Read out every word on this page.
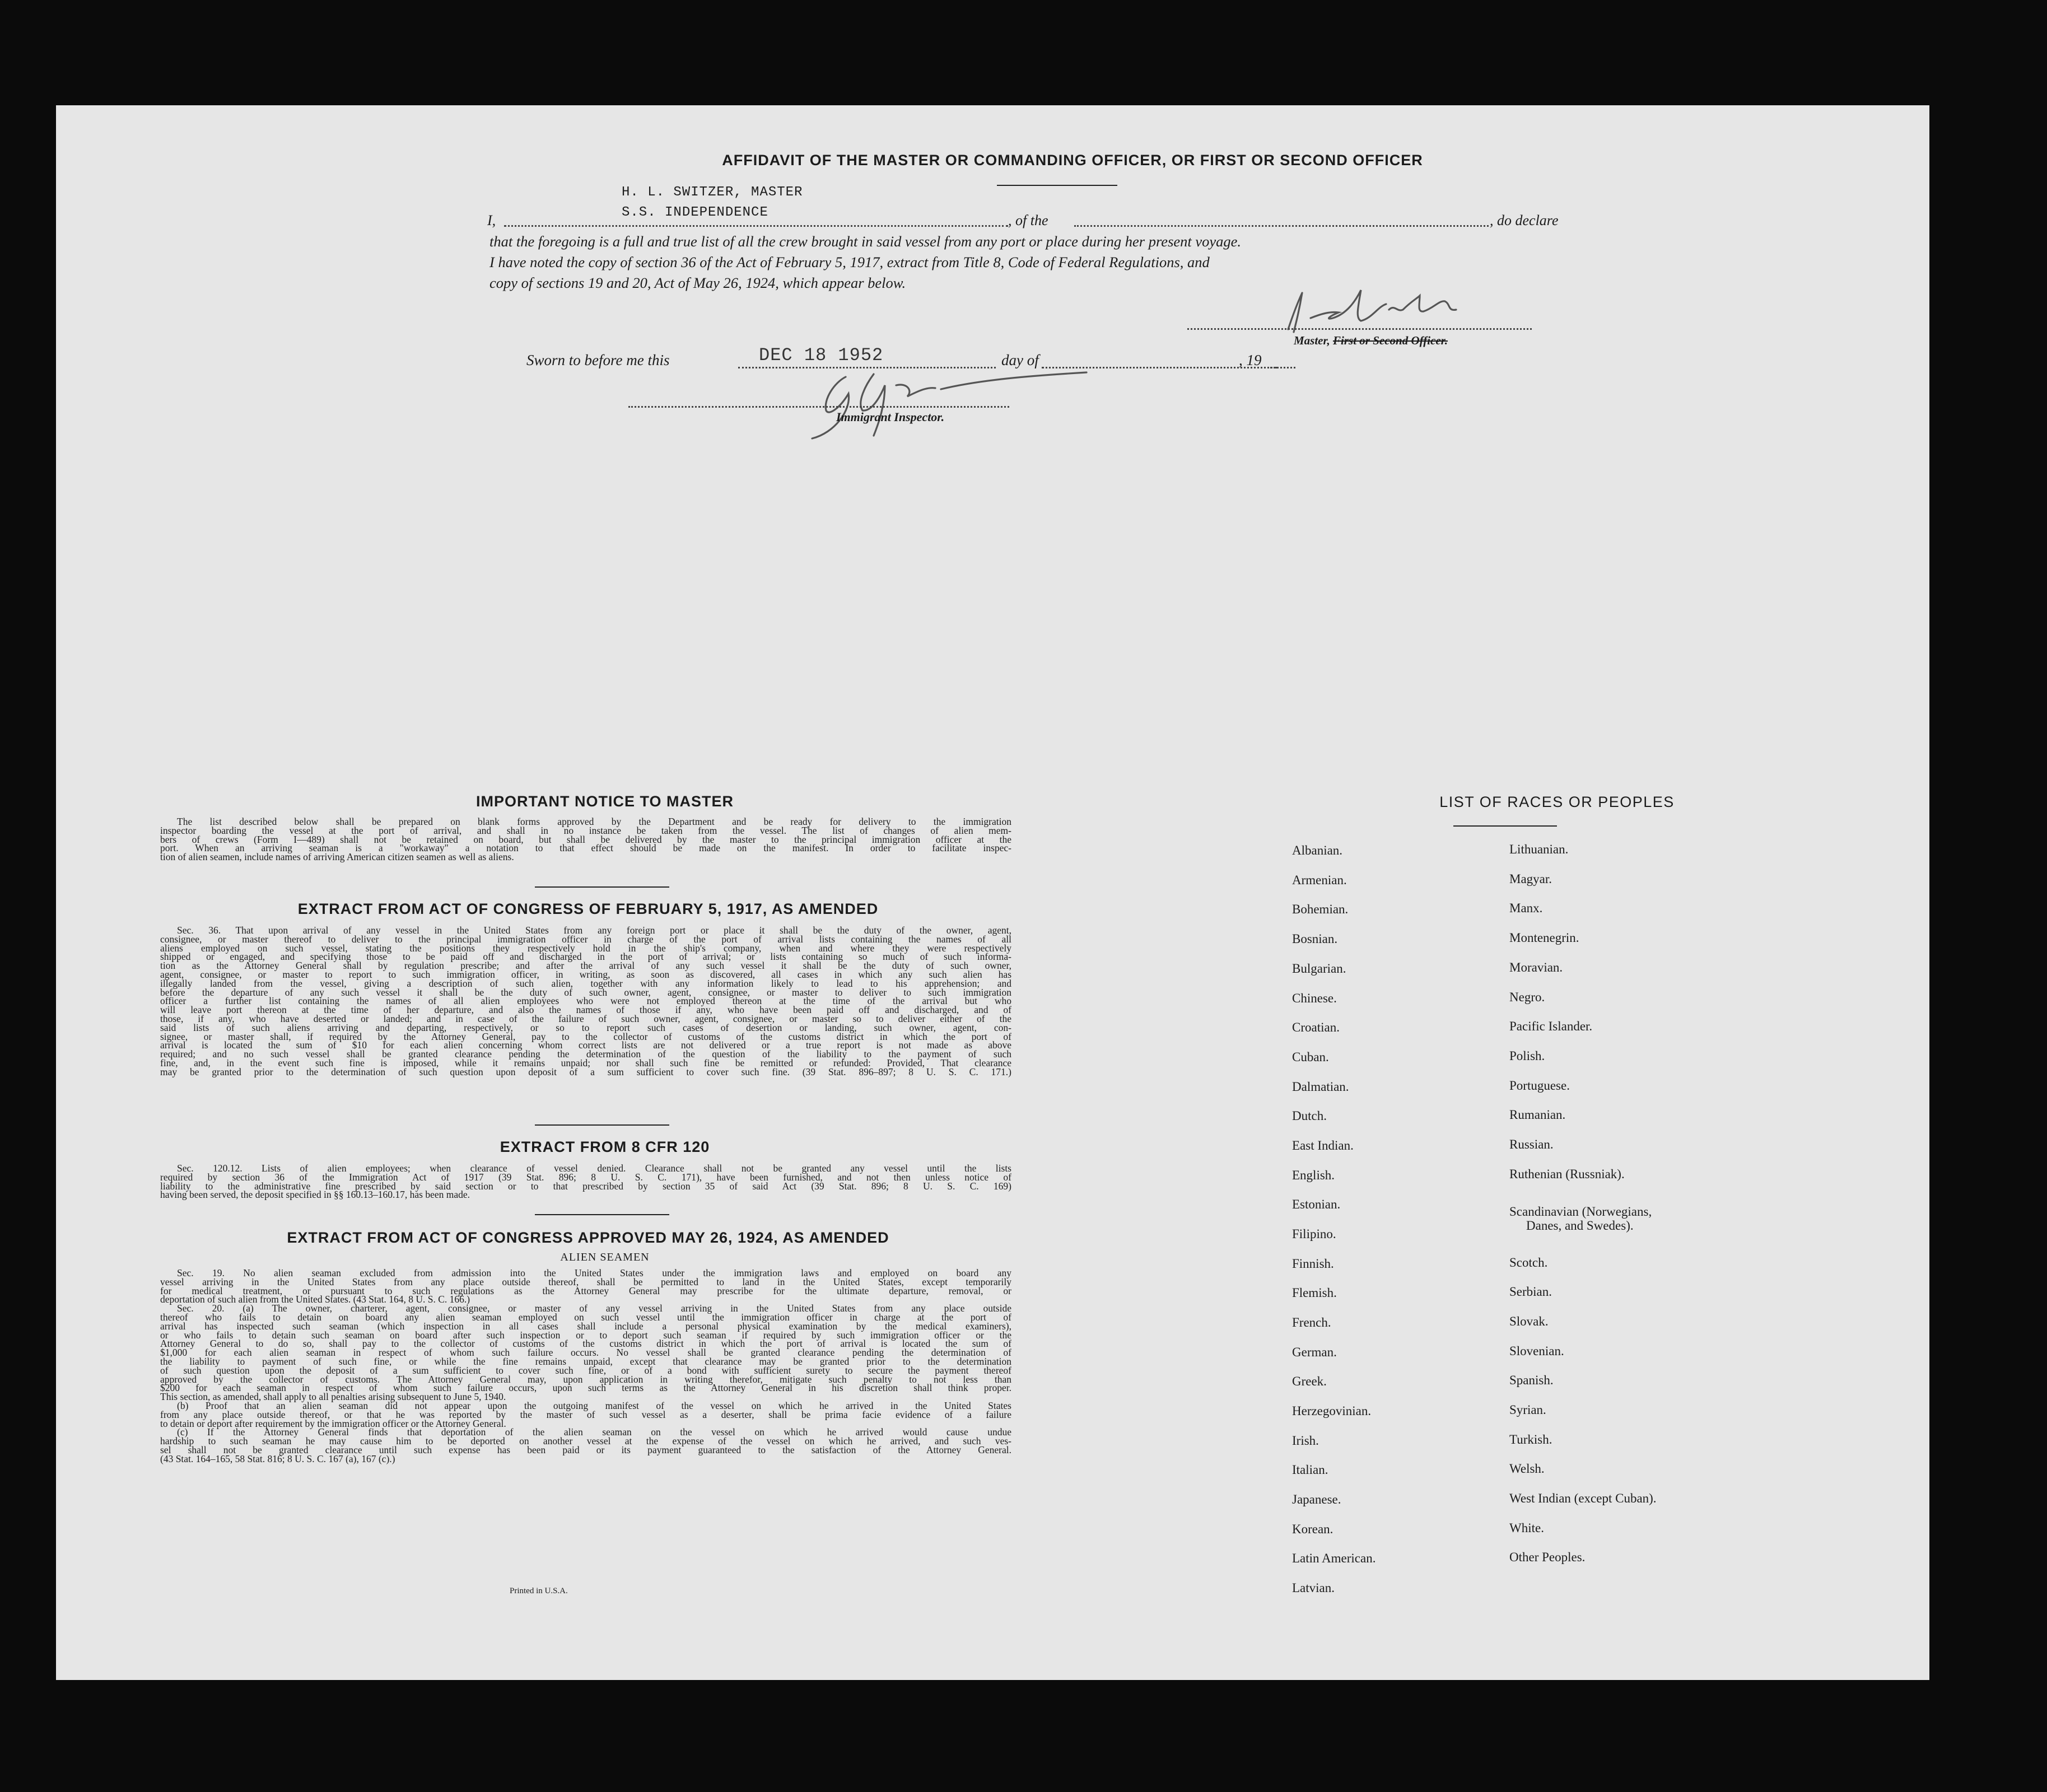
AFFIDAVIT OF THE MASTER OR COMMANDING OFFICER, OR FIRST OR SECOND OFFICER
H. L. SWITZER, MASTER
S.S. INDEPENDENCE
I,	, of the	, do declare
that the foregoing is a full and true list of all the crew brought in said vessel from any port or place during her present voyage.
I have noted the copy of section 36 of the Act of February 5, 1917, extract from Title 8, Code of Federal Regulations, and
copy of sections 19 and 20, Act of May 26, 1924, which appear below.
Master, First or Second Officer.
Sworn to before me this	DEC 18 1952	day of	, 19
Immigrant Inspector.
IMPORTANT NOTICE TO MASTER
The list described below shall be prepared on blank forms approved by the Department and be ready for delivery to the immigration
inspector boarding the vessel at the port of arrival, and shall in no instance be taken from the vessel. The list of changes of alien mem-
bers of crews (Form I—489) shall not be retained on board, but shall be delivered by the master to the principal immigration officer at the
port. When an arriving seaman is a "workaway" a notation to that effect should be made on the manifest. In order to facilitate inspec-
tion of alien seamen, include names of arriving American citizen seamen as well as aliens.
EXTRACT FROM ACT OF CONGRESS OF FEBRUARY 5, 1917, AS AMENDED
Sec. 36. That upon arrival of any vessel in the United States from any foreign port or place it shall be the duty of the owner, agent,
consignee, or master thereof to deliver to the principal immigration officer in charge of the port of arrival lists containing the names of all
aliens employed on such vessel, stating the positions they respectively hold in the ship's company, when and where they were respectively
shipped or engaged, and specifying those to be paid off and discharged in the port of arrival; or lists containing so much of such informa-
tion as the Attorney General shall by regulation prescribe; and after the arrival of any such vessel it shall be the duty of such owner,
agent, consignee, or master to report to such immigration officer, in writing, as soon as discovered, all cases in which any such alien has
illegally landed from the vessel, giving a description of such alien, together with any information likely to lead to his apprehension; and
before the departure of any such vessel it shall be the duty of such owner, agent, consignee, or master to deliver to such immigration
officer a further list containing the names of all alien employees who were not employed thereon at the time of the arrival but who
will leave port thereon at the time of her departure, and also the names of those if any, who have been paid off and discharged, and of
those, if any, who have deserted or landed; and in case of the failure of such owner, agent, consignee, or master so to deliver either of the
said lists of such aliens arriving and departing, respectively, or so to report such cases of desertion or landing, such owner, agent, con-
signee, or master shall, if required by the Attorney General, pay to the collector of customs of the customs district in which the port of
arrival is located the sum of $10 for each alien concerning whom correct lists are not delivered or a true report is not made as above
required; and no such vessel shall be granted clearance pending the determination of the question of the liability to the payment of such
fine, and, in the event such fine is imposed, while it remains unpaid; nor shall such fine be remitted or refunded: Provided, That clearance
may be granted prior to the determination of such question upon deposit of a sum sufficient to cover such fine. (39 Stat. 896–897; 8 U. S. C. 171.)
EXTRACT FROM 8 CFR 120
Sec. 120.12. Lists of alien employees; when clearance of vessel denied. Clearance shall not be granted any vessel until the lists
required by section 36 of the Immigration Act of 1917 (39 Stat. 896; 8 U. S. C. 171), have been furnished, and not then unless notice of
liability to the administrative fine prescribed by said section or to that prescribed by section 35 of said Act (39 Stat. 896; 8 U. S. C. 169)
having been served, the deposit specified in §§ 160.13–160.17, has been made.
EXTRACT FROM ACT OF CONGRESS APPROVED MAY 26, 1924, AS AMENDED
ALIEN SEAMEN
Sec. 19. No alien seaman excluded from admission into the United States under the immigration laws and employed on board any
vessel arriving in the United States from any place outside thereof, shall be permitted to land in the United States, except temporarily
for medical treatment, or pursuant to such regulations as the Attorney General may prescribe for the ultimate departure, removal, or
deportation of such alien from the United States. (43 Stat. 164, 8 U. S. C. 166.)
Sec. 20. (a) The owner, charterer, agent, consignee, or master of any vessel arriving in the United States from any place outside
thereof who fails to detain on board any alien seaman employed on such vessel until the immigration officer in charge at the port of
arrival has inspected such seaman (which inspection in all cases shall include a personal physical examination by the medical examiners),
or who fails to detain such seaman on board after such inspection or to deport such seaman if required by such immigration officer or the
Attorney General to do so, shall pay to the collector of customs of the customs district in which the port of arrival is located the sum of
$1,000 for each alien seaman in respect of whom such failure occurs. No vessel shall be granted clearance pending the determination of
the liability to payment of such fine, or while the fine remains unpaid, except that clearance may be granted prior to the determination
of such question upon the deposit of a sum sufficient to cover such fine, or of a bond with sufficient surety to secure the payment thereof
approved by the collector of customs. The Attorney General may, upon application in writing therefor, mitigate such penalty to not less than
$200 for each seaman in respect of whom such failure occurs, upon such terms as the Attorney General in his discretion shall think proper.
This section, as amended, shall apply to all penalties arising subsequent to June 5, 1940.
(b) Proof that an alien seaman did not appear upon the outgoing manifest of the vessel on which he arrived in the United States
from any place outside thereof, or that he was reported by the master of such vessel as a deserter, shall be prima facie evidence of a failure
to detain or deport after requirement by the immigration officer or the Attorney General.
(c) If the Attorney General finds that deportation of the alien seaman on the vessel on which he arrived would cause undue
hardship to such seaman he may cause him to be deported on another vessel at the expense of the vessel on which he arrived, and such ves-
sel shall not be granted clearance until such expense has been paid or its payment guaranteed to the satisfaction of the Attorney General.
(43 Stat. 164–165, 58 Stat. 816; 8 U. S. C. 167 (a), 167 (c).)
Printed in U.S.A.
LIST OF RACES OR PEOPLES
Albanian.
Armenian.
Bohemian.
Bosnian.
Bulgarian.
Chinese.
Croatian.
Cuban.
Dalmatian.
Dutch.
East Indian.
English.
Estonian.
Filipino.
Finnish.
Flemish.
French.
German.
Greek.
Herzegovinian.
Irish.
Italian.
Japanese.
Korean.
Latin American.
Latvian.
Lithuanian.
Magyar.
Manx.
Montenegrin.
Moravian.
Negro.
Pacific Islander.
Polish.
Portuguese.
Rumanian.
Russian.
Ruthenian (Russniak).
Scandinavian (Norwegians,
Danes, and Swedes).
Scotch.
Serbian.
Slovak.
Slovenian.
Spanish.
Syrian.
Turkish.
Welsh.
West Indian (except Cuban).
White.
Other Peoples.
